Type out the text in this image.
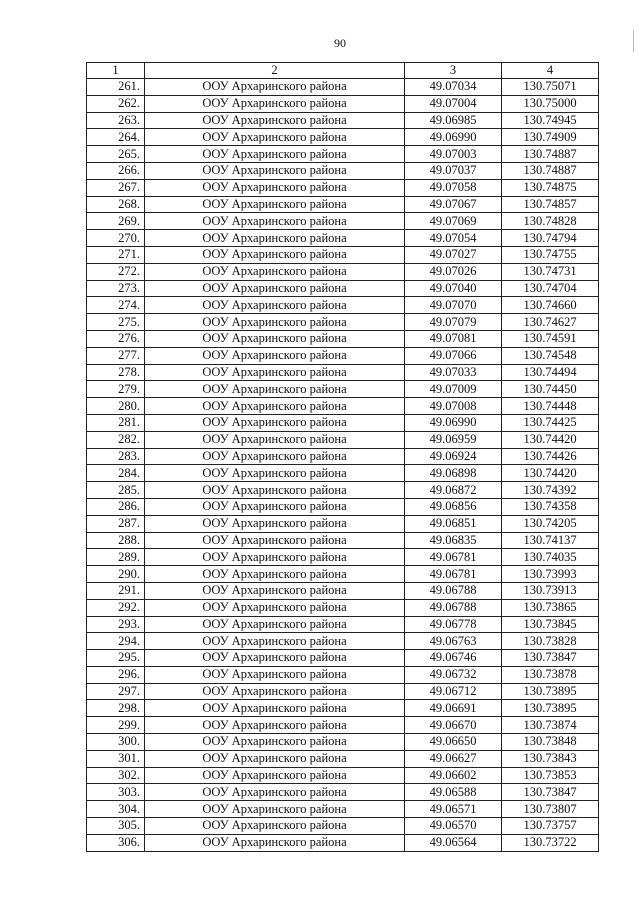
90
1	2	3	4
261.	ООУ Архаринского района	49.07034	130.75071
262.	ООУ Архаринского района	49.07004	130.75000
263.	ООУ Архаринского района	49.06985	130.74945
264.	ООУ Архаринского района	49.06990	130.74909
265.	ООУ Архаринского района	49.07003	130.74887
266.	ООУ Архаринского района	49.07037	130.74887
267.	ООУ Архаринского района	49.07058	130.74875
268.	ООУ Архаринского района	49.07067	130.74857
269.	ООУ Архаринского района	49.07069	130.74828
270.	ООУ Архаринского района	49.07054	130.74794
271.	ООУ Архаринского района	49.07027	130.74755
272.	ООУ Архаринского района	49.07026	130.74731
273.	ООУ Архаринского района	49.07040	130.74704
274.	ООУ Архаринского района	49.07070	130.74660
275.	ООУ Архаринского района	49.07079	130.74627
276.	ООУ Архаринского района	49.07081	130.74591
277.	ООУ Архаринского района	49.07066	130.74548
278.	ООУ Архаринского района	49.07033	130.74494
279.	ООУ Архаринского района	49.07009	130.74450
280.	ООУ Архаринского района	49.07008	130.74448
281.	ООУ Архаринского района	49.06990	130.74425
282.	ООУ Архаринского района	49.06959	130.74420
283.	ООУ Архаринского района	49.06924	130.74426
284.	ООУ Архаринского района	49.06898	130.74420
285.	ООУ Архаринского района	49.06872	130.74392
286.	ООУ Архаринского района	49.06856	130.74358
287.	ООУ Архаринского района	49.06851	130.74205
288.	ООУ Архаринского района	49.06835	130.74137
289.	ООУ Архаринского района	49.06781	130.74035
290.	ООУ Архаринского района	49.06781	130.73993
291.	ООУ Архаринского района	49.06788	130.73913
292.	ООУ Архаринского района	49.06788	130.73865
293.	ООУ Архаринского района	49.06778	130.73845
294.	ООУ Архаринского района	49.06763	130.73828
295.	ООУ Архаринского района	49.06746	130.73847
296.	ООУ Архаринского района	49.06732	130.73878
297.	ООУ Архаринского района	49.06712	130.73895
298.	ООУ Архаринского района	49.06691	130.73895
299.	ООУ Архаринского района	49.06670	130.73874
300.	ООУ Архаринского района	49.06650	130.73848
301.	ООУ Архаринского района	49.06627	130.73843
302.	ООУ Архаринского района	49.06602	130.73853
303.	ООУ Архаринского района	49.06588	130.73847
304.	ООУ Архаринского района	49.06571	130.73807
305.	ООУ Архаринского района	49.06570	130.73757
306.	ООУ Архаринского района	49.06564	130.73722
